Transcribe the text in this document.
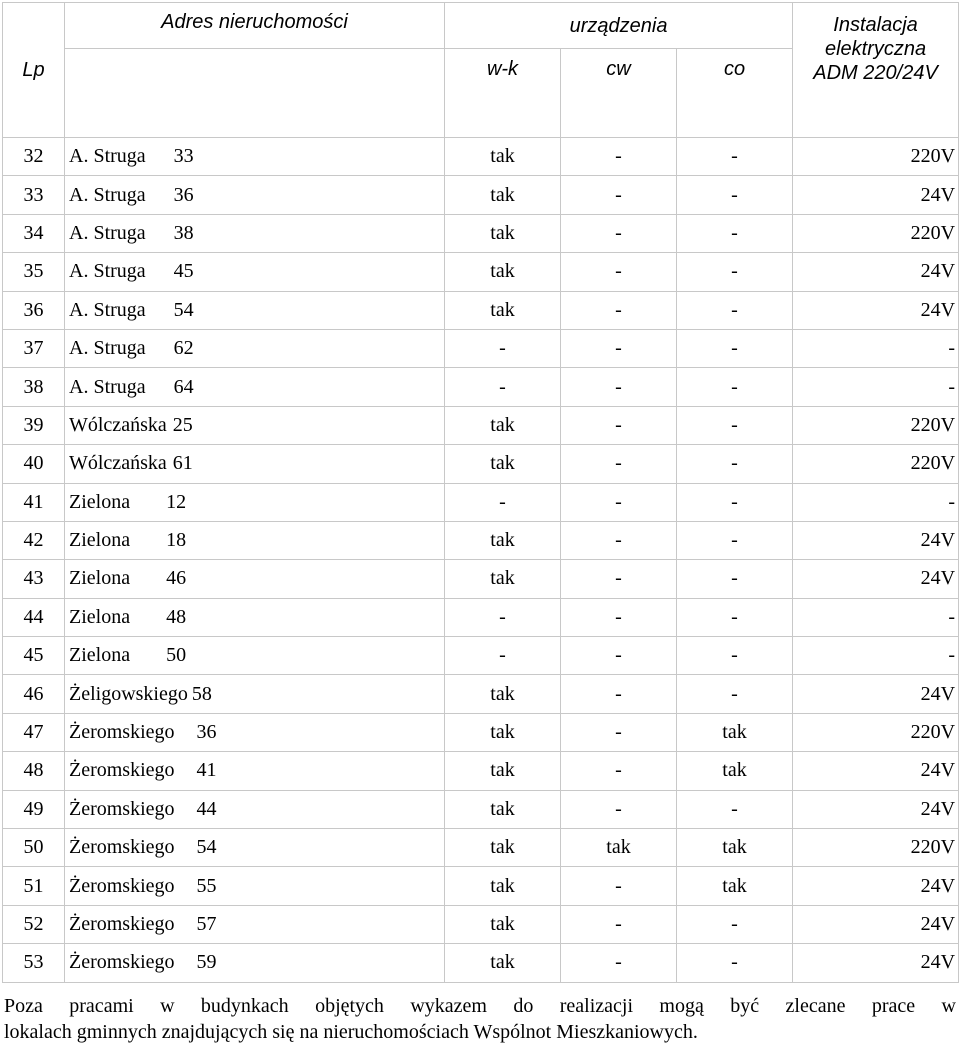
Lp	Adres nieruchomości	urządzenia			Instalacja
elektryczna
ADM 220/24V

		w-k	cw	co	
32	A. Struga 33	tak	-	-	220V
33	A. Struga 36	tak	-	-	24V
34	A. Struga 38	tak	-	-	220V
35	A. Struga 45	tak	-	-	24V
36	A. Struga 54	tak	-	-	24V
37	A. Struga 62	-	-	-	-
38	A. Struga 64	-	-	-	-
39	Wólczańska 25	tak	-	-	220V
40	Wólczańska 61	tak	-	-	220V
41	Zielona 12	-	-	-	-
42	Zielona 18	tak	-	-	24V
43	Zielona 46	tak	-	-	24V
44	Zielona 48	-	-	-	-
45	Zielona 50	-	-	-	-
46	Żeligowskiego 58	tak	-	-	24V
47	Żeromskiego 36	tak	-	tak	220V
48	Żeromskiego 41	tak	-	tak	24V
49	Żeromskiego 44	tak	-	-	24V
50	Żeromskiego 54	tak	tak	tak	220V
51	Żeromskiego 55	tak	-	tak	24V
52	Żeromskiego 57	tak	-	-	24V
53	Żeromskiego 59	tak	-	-	24V
Poza pracami w budynkach objętych wykazem do realizacji mogą być zlecane prace w
lokalach gminnych znajdujących się na nieruchomościach Wspólnot Mieszkaniowych.
